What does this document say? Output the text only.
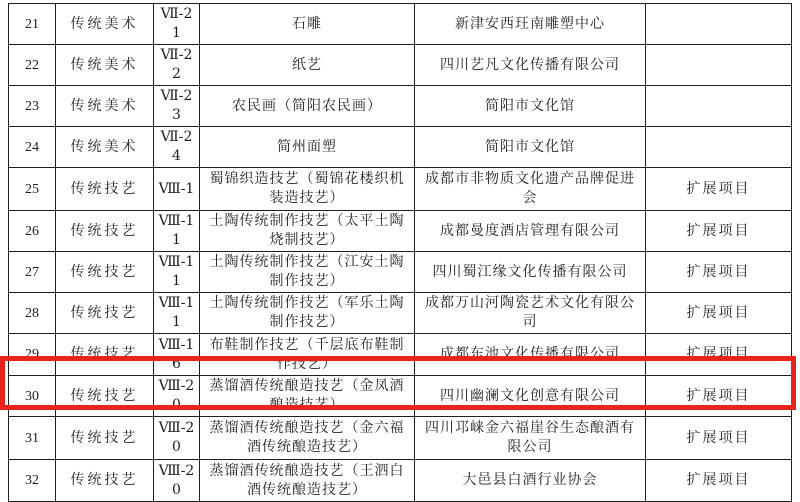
21	传统美术	Ⅶ-21	石雕	新津安西玨南雕塑中心	
22	传统美术	Ⅶ-22	纸艺	四川艺凡文化传播有限公司	
23	传统美术	Ⅶ-23	农民画（简阳农民画）	简阳市文化馆	
24	传统美术	Ⅶ-24	简州面塑	简阳市文化馆	
25	传统技艺	Ⅷ-1	蜀锦织造技艺（蜀锦花楼织机装造技艺）	成都市非物质文化遗产品牌促进会	扩展项目
26	传统技艺	Ⅷ-11	土陶传统制作技艺（太平土陶烧制技艺）	成都曼度酒店管理有限公司	扩展项目
27	传统技艺	Ⅷ-11	土陶传统制作技艺（江安土陶制作技艺）	四川蜀江缘文化传播有限公司	扩展项目
28	传统技艺	Ⅷ-11	土陶传统制作技艺（军乐土陶制作技艺）	成都万山河陶瓷艺术文化有限公司	扩展项目
29	传统技艺	Ⅷ-16	布鞋制作技艺（千层底布鞋制作技艺）	成都东池文化传播有限公司	扩展项目
30	传统技艺	Ⅷ-20	蒸馏酒传统酿造技艺（金凤酒酿造技艺）	四川幽澜文化创意有限公司	扩展项目
31	传统技艺	Ⅷ-20	蒸馏酒传统酿造技艺（金六福酒传统酿造技艺）	四川邛崃金六福崖谷生态酿酒有限公司	扩展项目
32	传统技艺	Ⅷ-20	蒸馏酒传统酿造技艺（王泗白酒传统酿造技艺）	大邑县白酒行业协会	扩展项目
